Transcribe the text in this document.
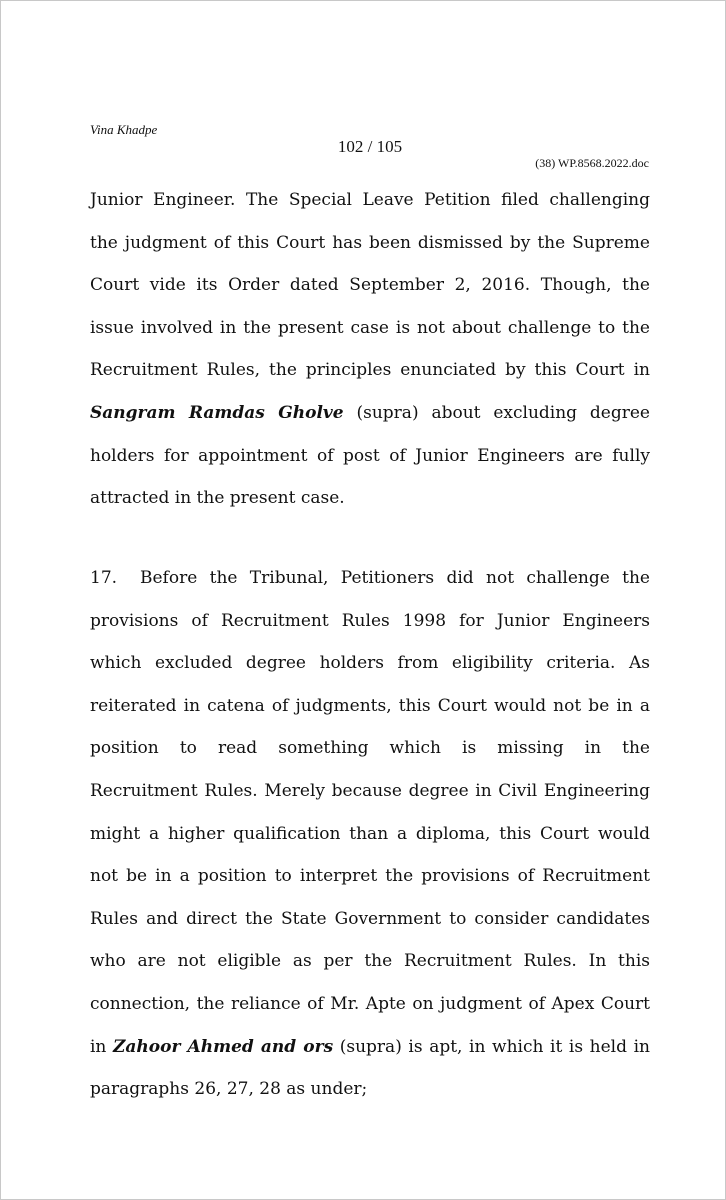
Vina Khadpe
102 / 105
(38) WP.8568.2022.doc
Junior Engineer. The Special Leave Petition filed challenging
the judgment of this Court has been dismissed by the Supreme
Court vide its Order dated September 2, 2016. Though, the
issue involved in the present case is not about challenge to the
Recruitment Rules, the principles enunciated by this Court in
Sangram Ramdas Gholve (supra) about excluding degree
holders for appointment of post of Junior Engineers are fully
attracted in the present case.
17. Before the Tribunal, Petitioners did not challenge the
provisions of Recruitment Rules 1998 for Junior Engineers
which excluded degree holders from eligibility criteria. As
reiterated in catena of judgments, this Court would not be in a
position to read something which is missing in the
Recruitment Rules. Merely because degree in Civil Engineering
might a higher qualification than a diploma, this Court would
not be in a position to interpret the provisions of Recruitment
Rules and direct the State Government to consider candidates
who are not eligible as per the Recruitment Rules. In this
connection, the reliance of Mr. Apte on judgment of Apex Court
in Zahoor Ahmed and ors (supra) is apt, in which it is held in
paragraphs 26, 27, 28 as under;
